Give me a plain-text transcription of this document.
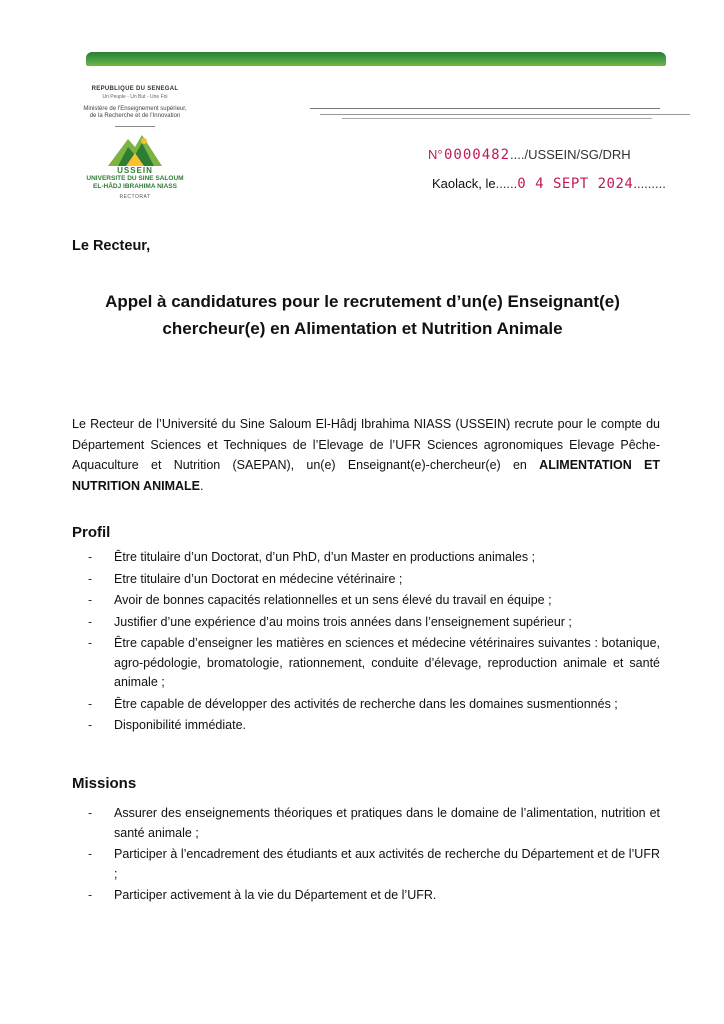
REPUBLIQUE DU SENEGAL
Un Peuple - Un But - Une Foi
Ministère de l'Enseignement supérieur,
de la Recherche et de l'Innovation
USSEIN
UNIVERSITE DU SINE SALOUM
EL-HÂDJ IBRAHIMA NIASS
RECTORAT
N° 0000482..../USSEIN/SG/DRH
Kaolack, le......0 4 SEPT 2024.........
Le Recteur,
Appel à candidatures pour le recrutement d’un(e) Enseignant(e) chercheur(e) en Alimentation et Nutrition Animale
Le Recteur de l’Université du Sine Saloum El-Hâdj Ibrahima NIASS (USSEIN) recrute pour le compte du Département Sciences et Techniques de l’Elevage de l’UFR Sciences agronomiques Elevage Pêche-Aquaculture et Nutrition (SAEPAN), un(e) Enseignant(e)-chercheur(e) en ALIMENTATION ET NUTRITION ANIMALE.
Profil
- Être titulaire d’un Doctorat, d’un PhD, d’un Master en productions animales ;
- Etre titulaire d’un Doctorat en médecine vétérinaire ;
- Avoir de bonnes capacités relationnelles et un sens élevé du travail en équipe ;
- Justifier d’une expérience d’au moins trois années dans l’enseignement supérieur ;
- Être capable d’enseigner les matières en sciences et médecine vétérinaires suivantes : botanique, agro-pédologie, bromatologie, rationnement, conduite d’élevage, reproduction animale et santé animale ;
- Être capable de développer des activités de recherche dans les domaines susmentionnés ;
- Disponibilité immédiate.
Missions
- Assurer des enseignements théoriques et pratiques dans le domaine de l’alimentation, nutrition et santé animale ;
- Participer à l’encadrement des étudiants et aux activités de recherche du Département et de l’UFR ;
- Participer activement à la vie du Département et de l’UFR.
